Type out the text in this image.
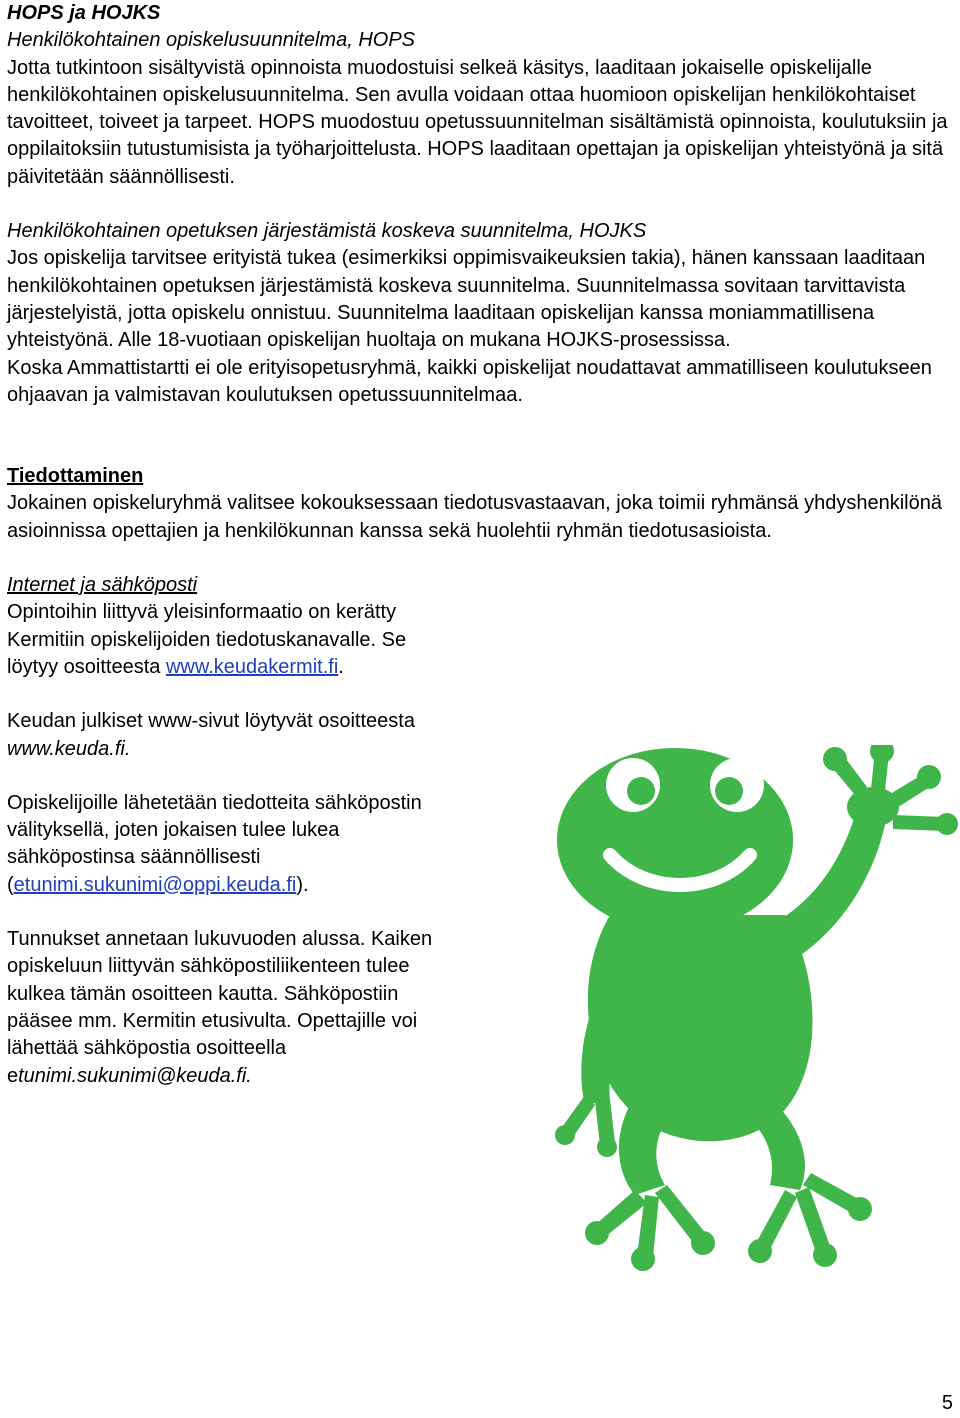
HOPS ja HOJKS
Henkilökohtainen opiskelusuunnitelma, HOPS

Jotta tutkintoon sisältyvistä opinnoista muodostuisi selkeä käsitys, laaditaan jokaiselle opiskelijalle henkilökohtainen opiskelusuunnitelma. Sen avulla voidaan ottaa huomioon opiskelijan henkilökohtaiset tavoitteet, toiveet ja tarpeet. HOPS muodostuu opetussuunnitelman sisältämistä opinnoista, koulutuksiin ja oppilaitoksiin tutustumisista ja työharjoittelusta. HOPS laaditaan opettajan ja opiskelijan yhteistyönä ja sitä päivitetään säännöllisesti.

Henkilökohtainen opetuksen järjestämistä koskeva suunnitelma, HOJKS

Jos opiskelija tarvitsee erityistä tukea (esimerkiksi oppimisvaikeuksien takia), hänen kanssaan laaditaan henkilökohtainen opetuksen järjestämistä koskeva suunnitelma. Suunnitelmassa sovitaan tarvittavista järjestelyistä, jotta opiskelu onnistuu. Suunnitelma laaditaan opiskelijan kanssa moniammatillisena yhteistyönä. Alle 18-vuotiaan opiskelijan huoltaja on mukana HOJKS-prosessissa.

Koska Ammattistartti ei ole erityisopetusryhmä, kaikki opiskelijat noudattavat ammatilliseen koulutukseen ohjaavan ja valmistavan koulutuksen opetussuunnitelmaa.

Tiedottaminen

Jokainen opiskeluryhmä valitsee kokouksessaan tiedotusvastaavan, joka toimii ryhmänsä yhdyshenkilönä asioinnissa opettajien ja henkilökunnan kanssa sekä huolehtii ryhmän tiedotusasioista.

Internet ja sähköposti

Opintoihin liittyvä yleisinformaatio on kerätty Kermitiin opiskelijoiden tiedotuskanavalle. Se löytyy osoitteesta www.keudakermit.fi.

Keudan julkiset www-sivut löytyvät osoitteesta www.keuda.fi.

Opiskelijoille lähetetään tiedotteita sähköpostin välityksellä, joten jokaisen tulee lukea sähköpostinsa säännöllisesti (etunimi.sukunimi@oppi.keuda.fi).

Tunnukset annetaan lukuvuoden alussa. Kaiken opiskeluun liittyvän sähköpostiliikenteen tulee kulkea tämän osoitteen kautta. Sähköpostiin pääsee mm. Kermitin etusivulta. Opettajille voi lähettää sähköpostia osoitteella etunimi.sukunimi@keuda.fi.

5
